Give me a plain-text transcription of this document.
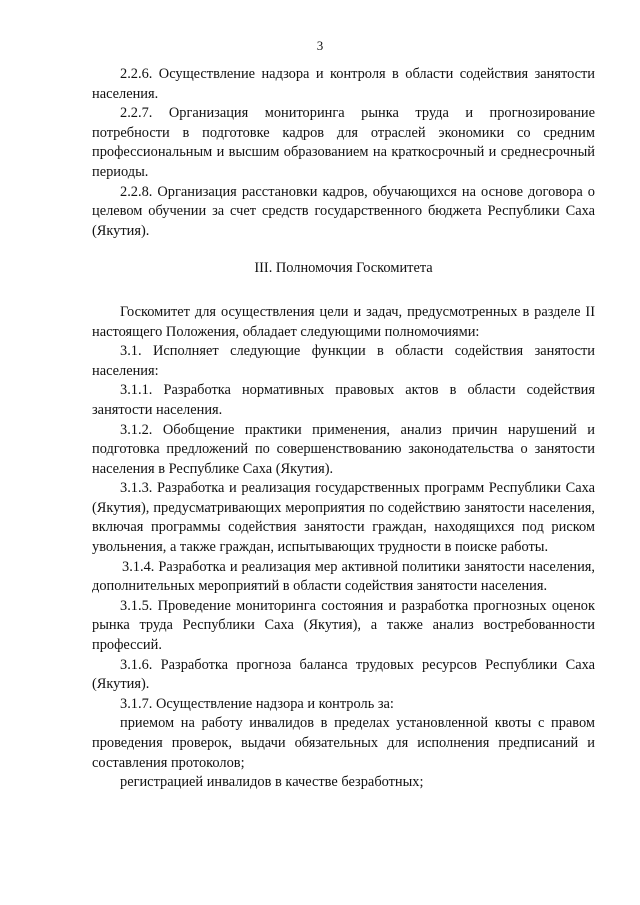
3

2.2.6. Осуществление надзора и контроля в области содействия занятости населения.

2.2.7. Организация мониторинга рынка труда и прогнозирование потребности в подготовке кадров для отраслей экономики со средним профессиональным и высшим образованием на краткосрочный и среднесрочный периоды.

2.2.8. Организация расстановки кадров, обучающихся на основе договора о целевом обучении за счет средств государственного бюджета Республики Саха (Якутия).

III. Полномочия Госкомитета

Госкомитет для осуществления цели и задач, предусмотренных в разделе II настоящего Положения, обладает следующими полномочиями:

3.1. Исполняет следующие функции в области содействия занятости населения:

3.1.1. Разработка нормативных правовых актов в области содействия занятости населения.

3.1.2. Обобщение практики применения, анализ причин нарушений и подготовка предложений по совершенствованию законодательства о занятости населения в Республике Саха (Якутия).

3.1.3. Разработка и реализация государственных программ Республики Саха (Якутия), предусматривающих мероприятия по содействию занятости населения, включая программы содействия занятости граждан, находящихся под риском увольнения, а также граждан, испытывающих трудности в поиске работы.

3.1.4. Разработка и реализация мер активной политики занятости населения, дополнительных мероприятий в области содействия занятости населения.

3.1.5. Проведение мониторинга состояния и разработка прогнозных оценок рынка труда Республики Саха (Якутия), а также анализ востребованности профессий.

3.1.6. Разработка прогноза баланса трудовых ресурсов Республики Саха (Якутия).

3.1.7. Осуществление надзора и контроль за:

приемом на работу инвалидов в пределах установленной квоты с правом проведения проверок, выдачи обязательных для исполнения предписаний и составления протоколов;

регистрацией инвалидов в качестве безработных;
